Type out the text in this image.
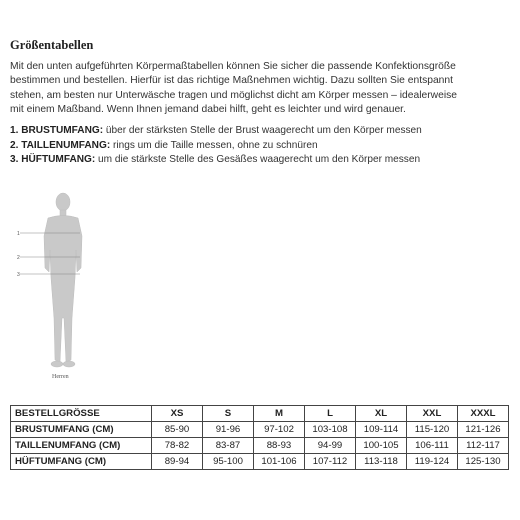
Größentabellen
Mit den unten aufgeführten Körpermaßtabellen können Sie sicher die passende Konfektionsgröße
bestimmen und bestellen. Hierfür ist das richtige Maßnehmen wichtig. Dazu sollten Sie entspannt
stehen, am besten nur Unterwäsche tragen und möglichst dicht am Körper messen – idealerweise
mit einem Maßband. Wenn Ihnen jemand dabei hilft, geht es leichter und wird genauer.
1. BRUSTUMFANG: über der stärksten Stelle der Brust waagerecht um den Körper messen
2. TAILLENUMFANG: rings um die Taille messen, ohne zu schnüren
3. HÜFTUMFANG: um die stärkste Stelle des Gesäßes waagerecht um den Körper messen
1
2
3
Herren
BESTELLGRÖSSE	XS	S	M	L	XL	XXL	XXXL
BRUSTUMFANG (CM)	85-90	91-96	97-102	103-108	109-114	115-120	121-126
TAILLENUMFANG (CM)	78-82	83-87	88-93	94-99	100-105	106-111	112-117
HÜFTUMFANG (CM)	89-94	95-100	101-106	107-112	113-118	119-124	125-130
